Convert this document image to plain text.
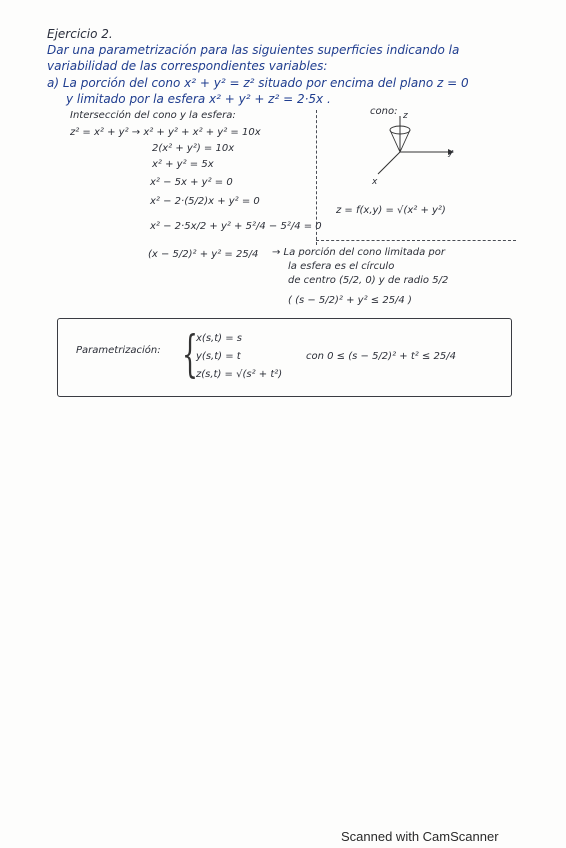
Ejercicio 2.
Dar una parametrización para las siguientes superficies indicando la
variabilidad de las correspondientes variables:
a) La porción del cono x² + y² = z² situado por encima del plano z = 0
y limitado por la esfera x² + y² + z² = 2·5x .
Intersección del cono y la esfera:
z² = x² + y² → x² + y² + x² + y² = 10x
2(x² + y²) = 10x
x² + y² = 5x
x² − 5x + y² = 0
x² − 2·(5/2)x + y² = 0
x² − 2·5x/2 + y² + 5²/4 − 5²/4 = 0
(x − 5/2)² + y² = 25/4
cono: z
y
x
z = f(x,y) = √(x² + y²)
→ La porción del cono limitada por
la esfera es el círculo
de centro (5/2, 0) y de radio 5/2
( (s − 5/2)² + y² ≤ 25/4 )
Parametrización: {
x(s,t) = s
y(s,t) = t
z(s,t) = √(s² + t²)
con 0 ≤ (s − 5/2)² + t² ≤ 25/4
Scanned with CamScanner
